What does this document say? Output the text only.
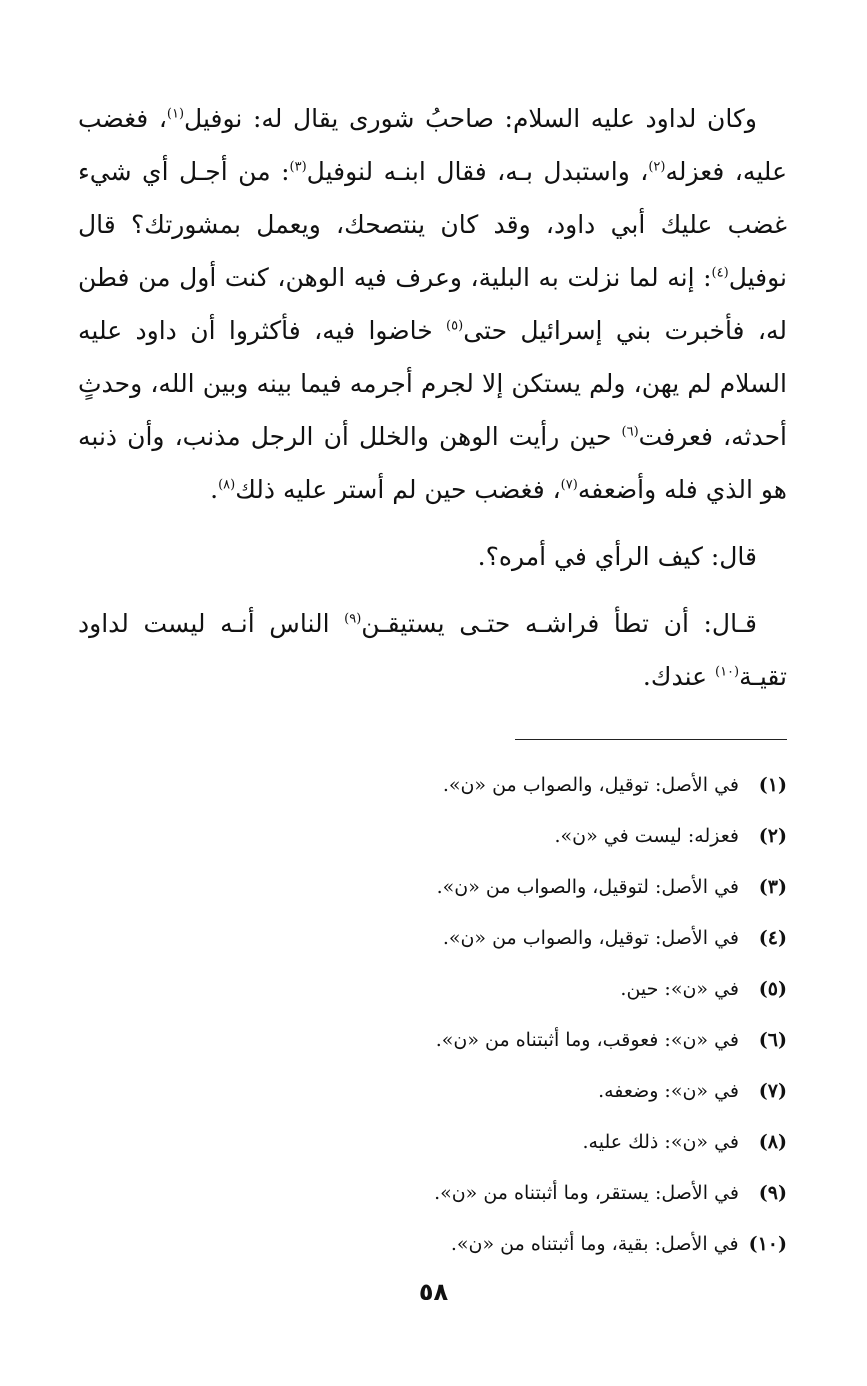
وكان لداود عليه السلام: صاحبُ شورى يقال له: نوفيل$^{(١)}$، فغضب عليه، فعزله$^{(٢)}$، واستبدل بـه، فقال ابنـه لنوفيل$^{(٣)}$: من أجـل أي شيء غضب عليك أبي داود، وقد كان ينتصحك، ويعمل بمشورتك؟ قال نوفيل$^{(٤)}$: إنه لما نزلت به البلية، وعرف فيه الوهن، كنت أول من فطن له، فأخبرت بني إسرائيل حتى$^{(٥)}$ خاضوا فيه، فأكثروا أن داود عليه السلام لم يهن، ولم يستكن إلا لجرم أجرمه فيما بينه وبين الله، وحدثٍ أحدثه، فعرفت$^{(٦)}$ حين رأيت الوهن والخلل أن الرجل مذنب، وأن ذنبه هو الذي فله وأضعفه$^{(٧)}$، فغضب حين لم أستر عليه ذلك$^{(٨)}$.

قال: كيف الرأي في أمره؟.

قـال: أن تطأ فراشـه حتـى يستيقـن$^{(٩)}$ الناس أنـه ليست لداود تقيـة$^{(١٠)}$ عندك.

(١)في الأصل: توقيل، والصواب من «ن».
(٢)فعزله: ليست في «ن».
(٣)في الأصل: لتوقيل، والصواب من «ن».
(٤)في الأصل: توقيل، والصواب من «ن».
(٥)في «ن»: حين.
(٦)في «ن»: فعوقب، وما أثبتناه من «ن».
(٧)في «ن»: وضعفه.
(٨)في «ن»: ذلك عليه.
(٩)في الأصل: يستقر، وما أثبتناه من «ن».
(١٠)في الأصل: بقية، وما أثبتناه من «ن».
٥٨
